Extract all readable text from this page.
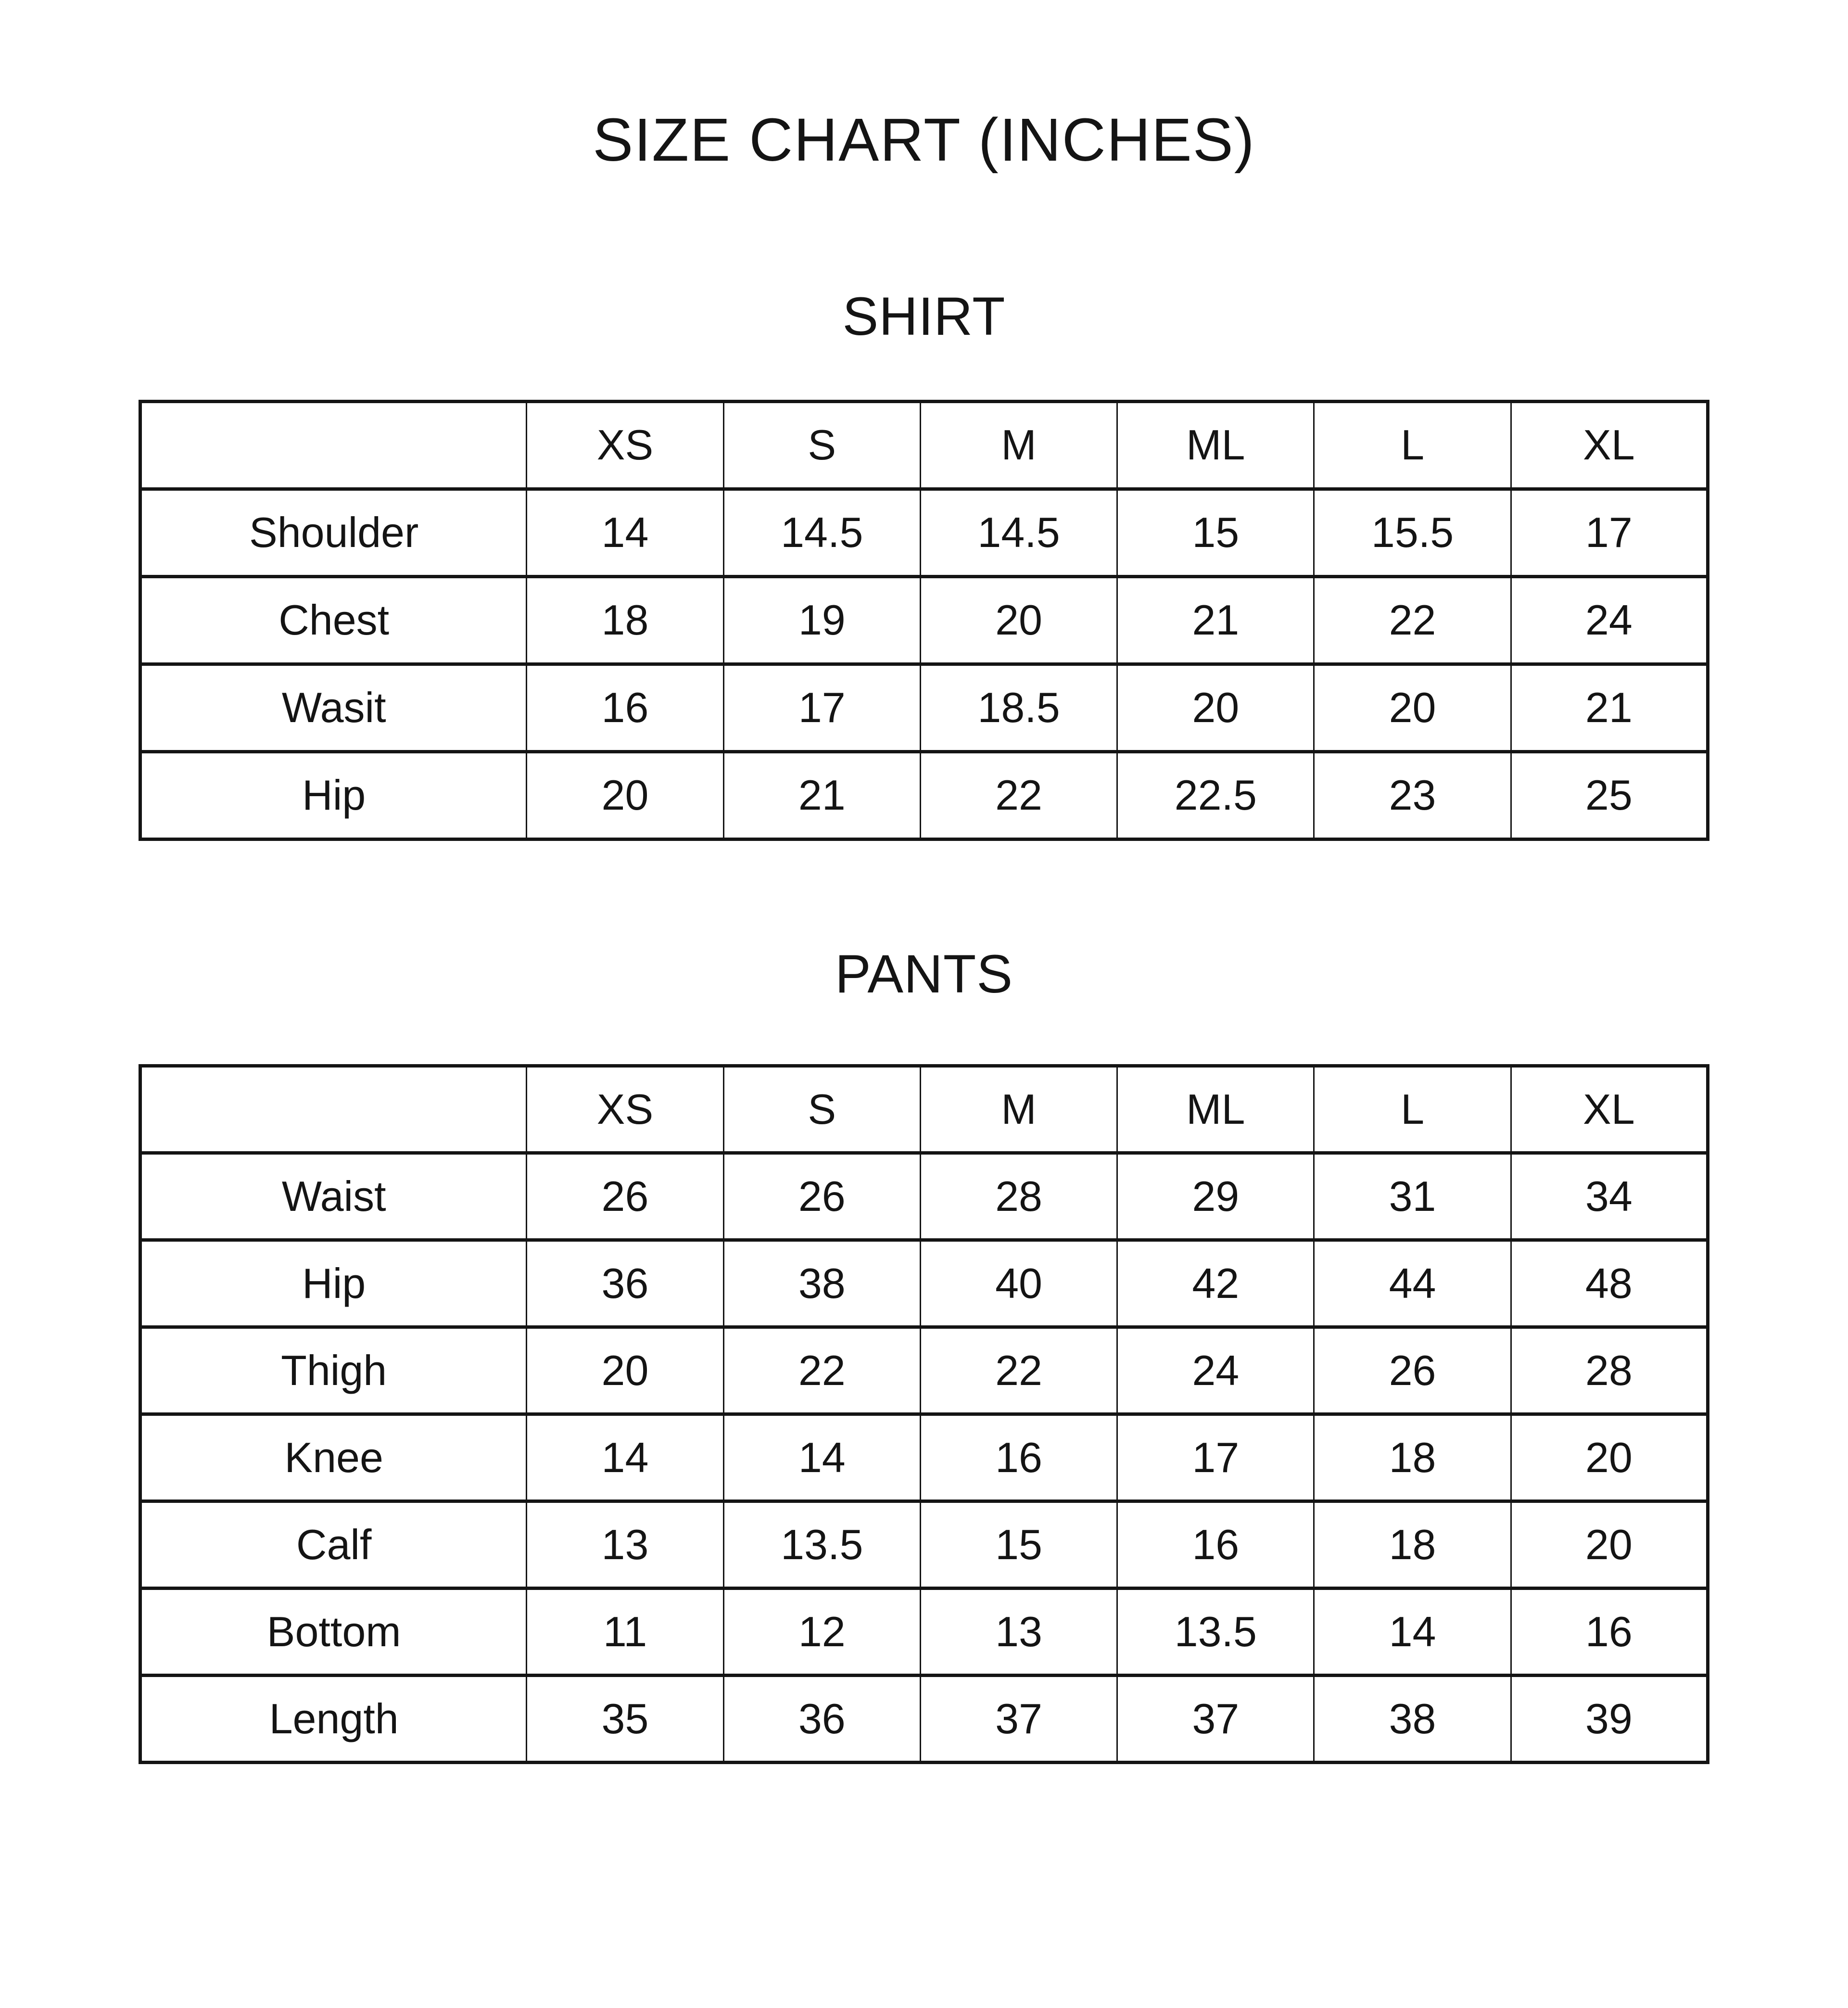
SIZE CHART (INCHES)
SHIRT
	XS	S	M	ML	L	XL
Shoulder	14	14.5	14.5	15	15.5	17
Chest	18	19	20	21	22	24
Wasit	16	17	18.5	20	20	21
Hip	20	21	22	22.5	23	25
PANTS
	XS	S	M	ML	L	XL
Waist	26	26	28	29	31	34
Hip	36	38	40	42	44	48
Thigh	20	22	22	24	26	28
Knee	14	14	16	17	18	20
Calf	13	13.5	15	16	18	20
Bottom	11	12	13	13.5	14	16
Length	35	36	37	37	38	39
